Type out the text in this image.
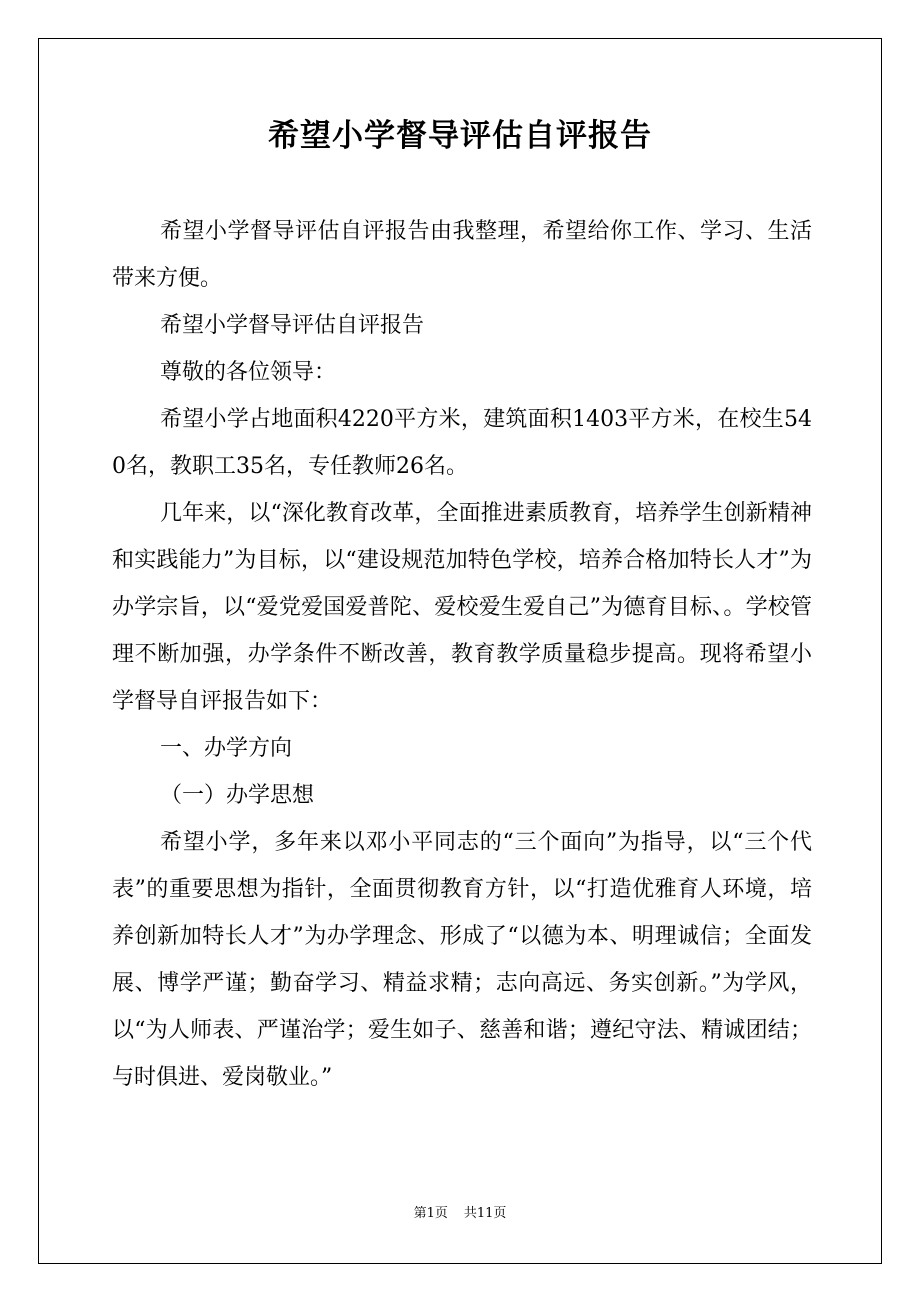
希望小学督导评估自评报告

希望小学督导评估自评报告由我整理，希望给你工作、学习、生活带来方便。

希望小学督导评估自评报告

尊敬的各位领导：

希望小学占地面积4220平方米，建筑面积1403平方米，在校生540名，教职工35名，专任教师26名。

几年来，以“深化教育改革，全面推进素质教育，培养学生创新精神和实践能力”为目标，以“建设规范加特色学校，培养合格加特长人才”为办学宗旨，以“爱党爱国爱普陀、爱校爱生爱自己”为德育目标、。学校管理不断加强，办学条件不断改善，教育教学质量稳步提高。现将希望小学督导自评报告如下：

一、办学方向

（一）办学思想

希望小学，多年来以邓小平同志的“三个面向”为指导，以“三个代表”的重要思想为指针，全面贯彻教育方针，以“打造优雅育人环境，培养创新加特长人才”为办学理念、形成了“以德为本、明理诚信；全面发展、博学严谨；勤奋学习、精益求精；志向高远、务实创新。”为学风，以“为人师表、严谨治学；爱生如子、慈善和谐；遵纪守法、精诚团结；与时俱进、爱岗敬业。”

第1页 共11页
